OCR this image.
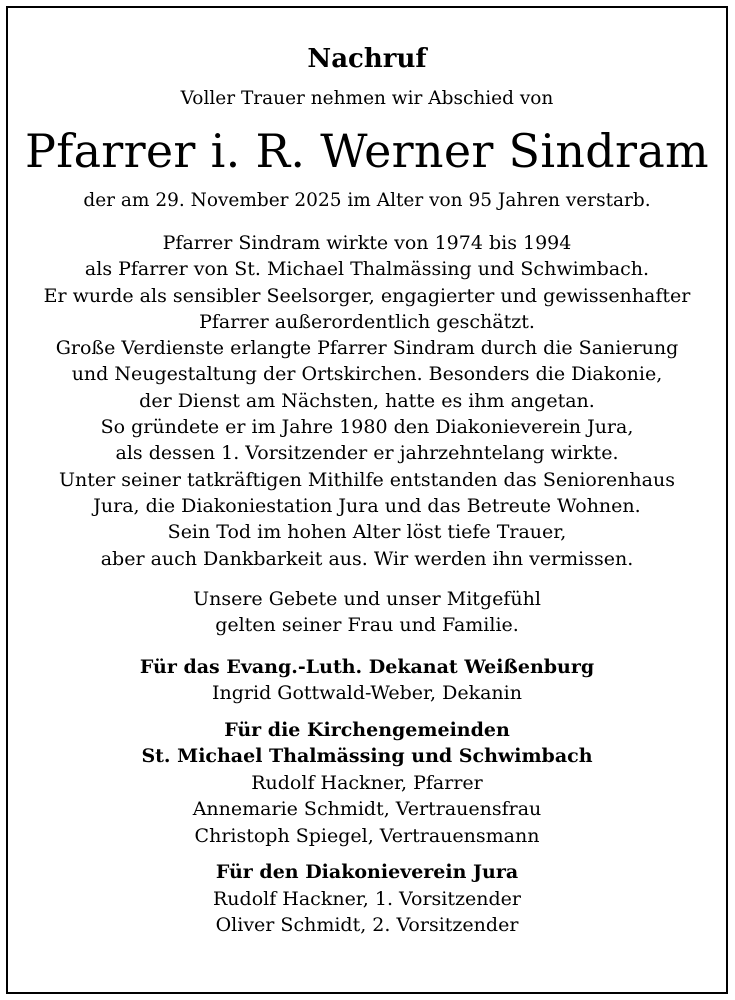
Nachruf
Voller Trauer nehmen wir Abschied von
Pfarrer i. R. Werner Sindram
der am 29. November 2025 im Alter von 95 Jahren verstarb.
Pfarrer Sindram wirkte von 1974 bis 1994
als Pfarrer von St. Michael Thalmässing und Schwimbach.
Er wurde als sensibler Seelsorger, engagierter und gewissenhafter
Pfarrer außerordentlich geschätzt.
Große Verdienste erlangte Pfarrer Sindram durch die Sanierung
und Neugestaltung der Ortskirchen. Besonders die Diakonie,
der Dienst am Nächsten, hatte es ihm angetan.
So gründete er im Jahre 1980 den Diakonieverein Jura,
als dessen 1. Vorsitzender er jahrzehntelang wirkte.
Unter seiner tatkräftigen Mithilfe entstanden das Seniorenhaus
Jura, die Diakoniestation Jura und das Betreute Wohnen.
Sein Tod im hohen Alter löst tiefe Trauer,
aber auch Dankbarkeit aus. Wir werden ihn vermissen.
Unsere Gebete und unser Mitgefühl
gelten seiner Frau und Familie.
Für das Evang.-Luth. Dekanat Weißenburg
Ingrid Gottwald-Weber, Dekanin
Für die Kirchengemeinden
St. Michael Thalmässing und Schwimbach
Rudolf Hackner, Pfarrer
Annemarie Schmidt, Vertrauensfrau
Christoph Spiegel, Vertrauensmann
Für den Diakonieverein Jura
Rudolf Hackner, 1. Vorsitzender
Oliver Schmidt, 2. Vorsitzender
